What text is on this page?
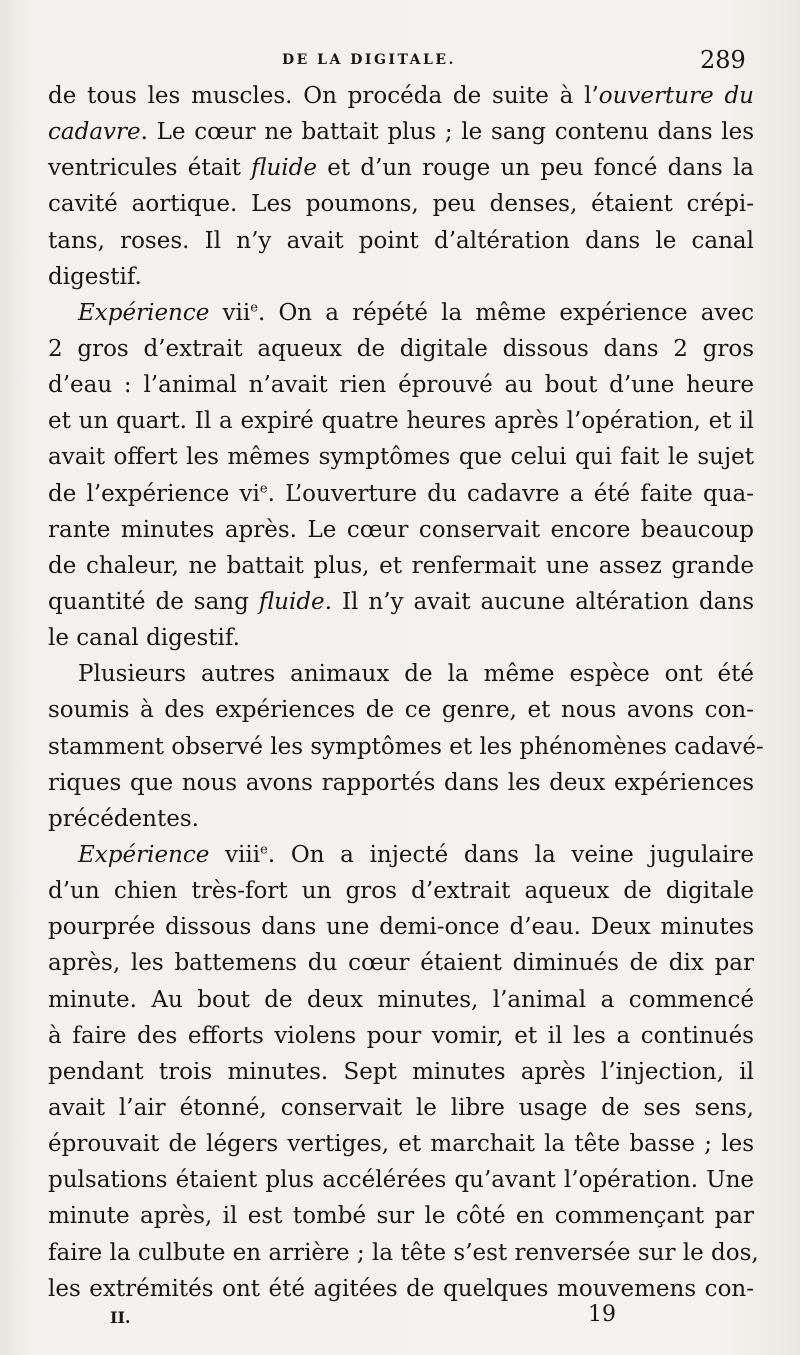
DE LA DIGITALE.	289
de tous les muscles. On procéda de suite à l’ouverture du
cadavre. Le cœur ne battait plus ; le sang contenu dans les
ventricules était fluide et d’un rouge un peu foncé dans la
cavité aortique. Les poumons, peu denses, étaient crépi-
tans, roses. Il n’y avait point d’altération dans le canal
digestif.
Expérience vii$^e$. On a répété la même expérience avec
2 gros d’extrait aqueux de digitale dissous dans 2 gros
d’eau : l’animal n’avait rien éprouvé au bout d’une heure
et un quart. Il a expiré quatre heures après l’opération, et il
avait offert les mêmes symptômes que celui qui fait le sujet
de l’expérience $vi^e$. L’ouverture du cadavre a été faite qua-
rante minutes après. Le cœur conservait encore beaucoup
de chaleur, ne battait plus, et renfermait une assez grande
quantité de sang fluide. Il n’y avait aucune altération dans
le canal digestif.
Plusieurs autres animaux de la même espèce ont été
soumis à des expériences de ce genre, et nous avons con-
stamment observé les symptômes et les phénomènes cadavé-
riques que nous avons rapportés dans les deux expériences
précédentes.
Expérience viii$^e$. On a injecté dans la veine jugulaire
d’un chien très-fort un gros d’extrait aqueux de digitale
pourprée dissous dans une demi-once d’eau. Deux minutes
après, les battemens du cœur étaient diminués de dix par
minute. Au bout de deux minutes, l’animal a commencé
à faire des efforts violens pour vomir, et il les a continués
pendant trois minutes. Sept minutes après l’injection, il
avait l’air étonné, conservait le libre usage de ses sens,
éprouvait de légers vertiges, et marchait la tête basse ; les
pulsations étaient plus accélérées qu’avant l’opération. Une
minute après, il est tombé sur le côté en commençant par
faire la culbute en arrière ; la tête s’est renversée sur le dos,
les extrémités ont été agitées de quelques mouvemens con-
II.	19
